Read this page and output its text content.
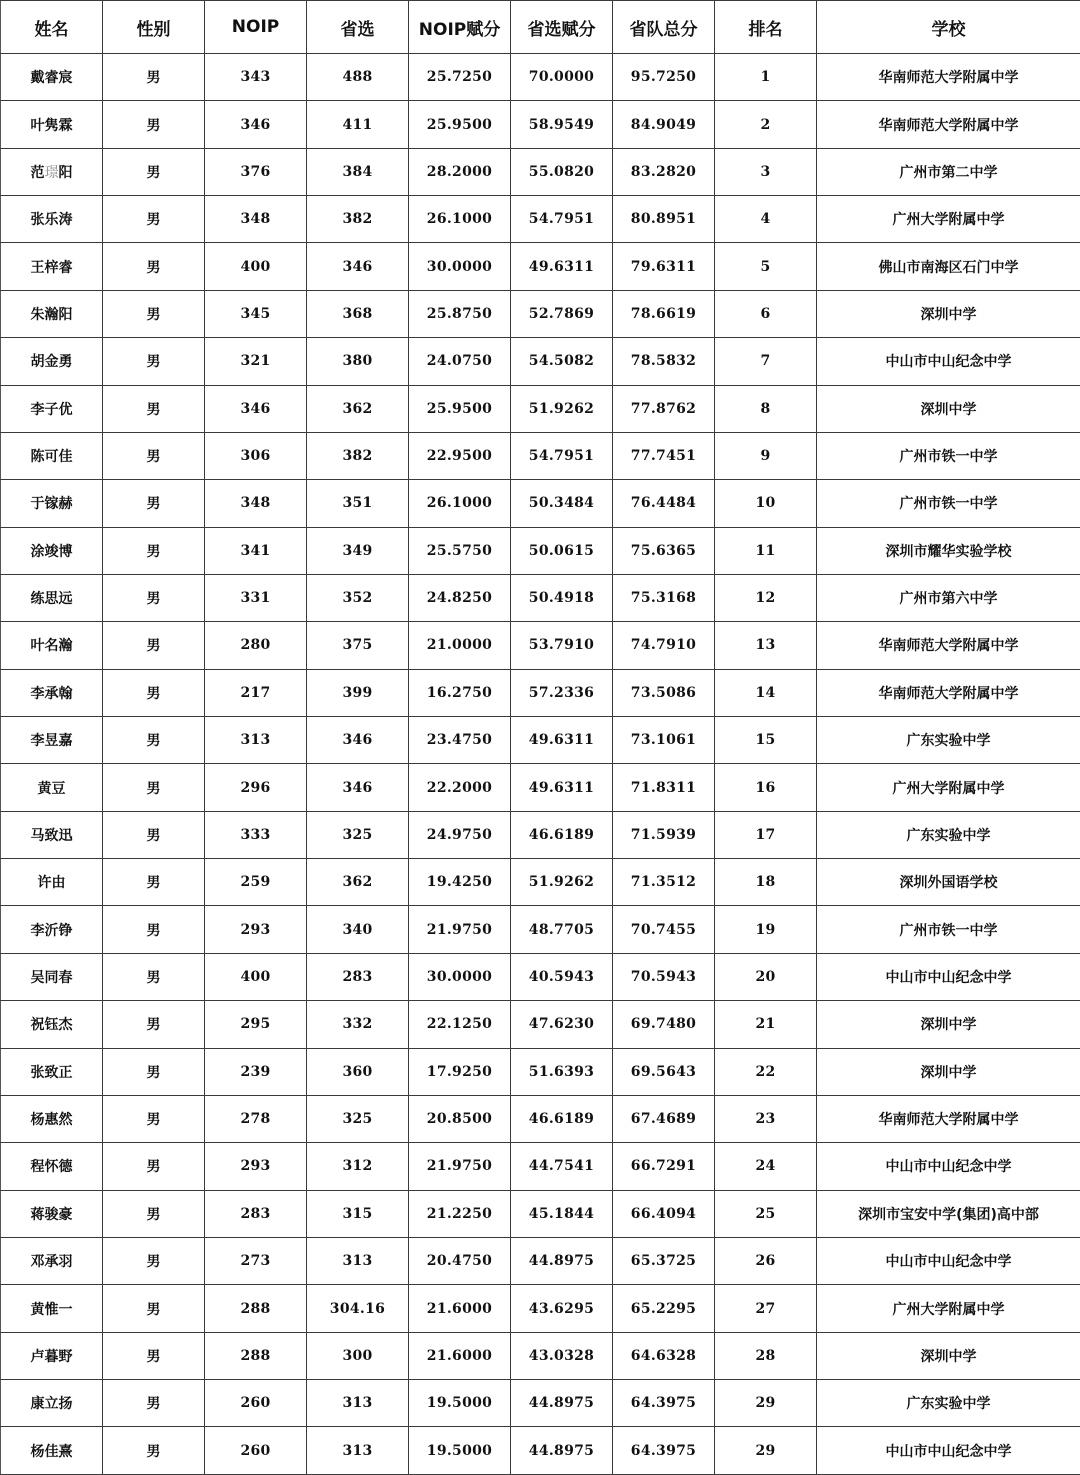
姓名	性别	NOIP	省选	NOIP赋分	省选赋分	省队总分	排名	学校
戴睿宸	男	343	488	25.7250	70.0000	95.7250	1	华南师范大学附属中学
叶隽霖	男	346	411	25.9500	58.9549	84.9049	2	华南师范大学附属中学
范璟阳	男	376	384	28.2000	55.0820	83.2820	3	广州市第二中学
张乐涛	男	348	382	26.1000	54.7951	80.8951	4	广州大学附属中学
王梓睿	男	400	346	30.0000	49.6311	79.6311	5	佛山市南海区石门中学
朱瀚阳	男	345	368	25.8750	52.7869	78.6619	6	深圳中学
胡金勇	男	321	380	24.0750	54.5082	78.5832	7	中山市中山纪念中学
李子优	男	346	362	25.9500	51.9262	77.8762	8	深圳中学
陈可佳	男	306	382	22.9500	54.7951	77.7451	9	广州市铁一中学
于镓赫	男	348	351	26.1000	50.3484	76.4484	10	广州市铁一中学
涂竣博	男	341	349	25.5750	50.0615	75.6365	11	深圳市耀华实验学校
练思远	男	331	352	24.8250	50.4918	75.3168	12	广州市第六中学
叶名瀚	男	280	375	21.0000	53.7910	74.7910	13	华南师范大学附属中学
李承翰	男	217	399	16.2750	57.2336	73.5086	14	华南师范大学附属中学
李昱嘉	男	313	346	23.4750	49.6311	73.1061	15	广东实验中学
黄豆	男	296	346	22.2000	49.6311	71.8311	16	广州大学附属中学
马致迅	男	333	325	24.9750	46.6189	71.5939	17	广东实验中学
许由	男	259	362	19.4250	51.9262	71.3512	18	深圳外国语学校
李沂铮	男	293	340	21.9750	48.7705	70.7455	19	广州市铁一中学
吴同春	男	400	283	30.0000	40.5943	70.5943	20	中山市中山纪念中学
祝钰杰	男	295	332	22.1250	47.6230	69.7480	21	深圳中学
张致正	男	239	360	17.9250	51.6393	69.5643	22	深圳中学
杨惠然	男	278	325	20.8500	46.6189	67.4689	23	华南师范大学附属中学
程怀德	男	293	312	21.9750	44.7541	66.7291	24	中山市中山纪念中学
蒋骏豪	男	283	315	21.2250	45.1844	66.4094	25	深圳市宝安中学(集团)高中部
邓承羽	男	273	313	20.4750	44.8975	65.3725	26	中山市中山纪念中学
黄惟一	男	288	304.16	21.6000	43.6295	65.2295	27	广州大学附属中学
卢暮野	男	288	300	21.6000	43.0328	64.6328	28	深圳中学
康立扬	男	260	313	19.5000	44.8975	64.3975	29	广东实验中学
杨佳熹	男	260	313	19.5000	44.8975	64.3975	29	中山市中山纪念中学
